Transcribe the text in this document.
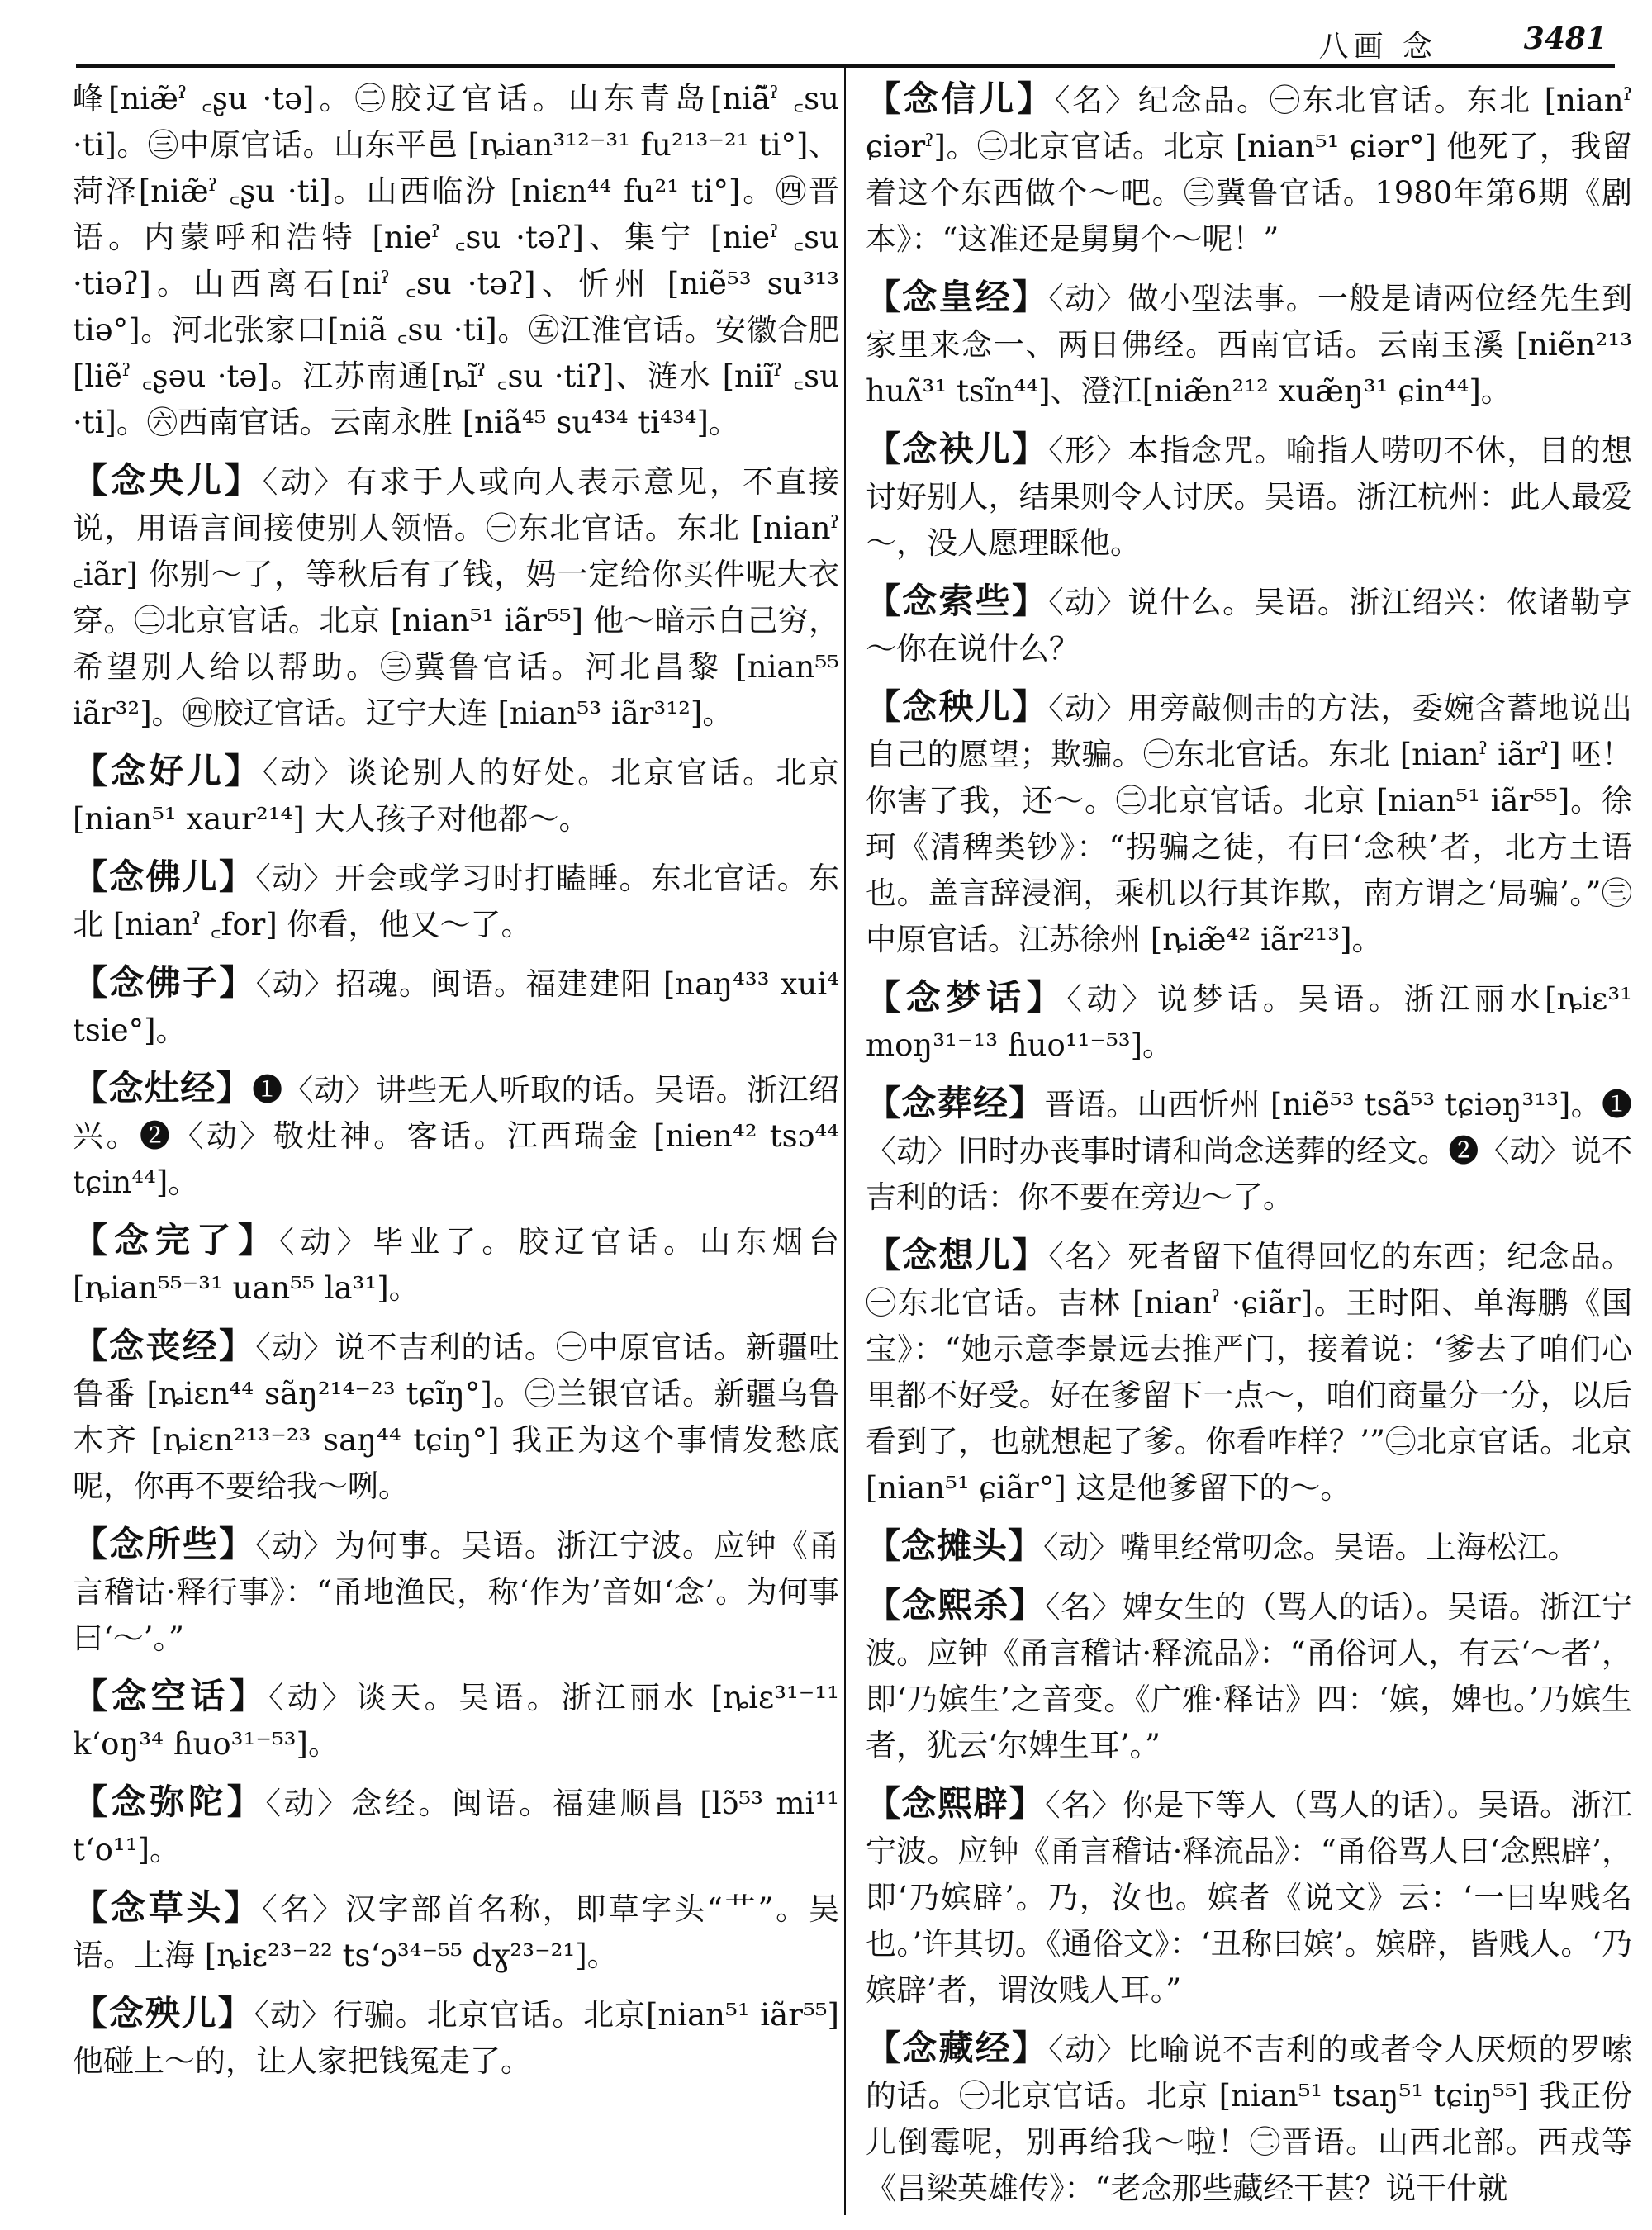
八画 念	3481

峰[niæ̃ˀ ꜀ʂu ·tə]。㊁胶辽官话。山东青岛[niã̃ˀ ꜀su ·ti]。㊂中原官话。山东平邑 [ȵian³¹²⁻³¹ fu²¹³⁻²¹ ti°]、菏泽[niæ̃ˀ ꜀ʂu ·ti]。山西临汾 [niɛn⁴⁴ fu²¹ ti°]。㊃晋语。内蒙呼和浩特 [nieˀ ꜀su ·təʔ]、集宁 [nieˀ ꜀su ·tiəʔ]。山西离石[niˀ ꜀su ·təʔ]、忻州 [niẽ⁵³ su³¹³ tiə°]。河北张家口[niã ꜀su ·ti]。㊄江淮官话。安徽合肥[liẽˀ ꜀ʂəu ·tə]。江苏南通[ȵĩˀ ꜀su ·tiʔ]、涟水 [niĩˀ ꜀su ·ti]。㊅西南官话。云南永胜 [niã⁴⁵ su⁴³⁴ ti⁴³⁴]。

【念央儿】〈动〉有求于人或向人表示意见，不直接说，用语言间接使别人领悟。㊀东北官话。东北 [nianˀ ꜀iãr] 你别～了，等秋后有了钱，妈一定给你买件呢大衣穿。㊁北京官话。北京 [nian⁵¹ iãr⁵⁵] 他～暗示自己穷，希望别人给以帮助。㊂冀鲁官话。河北昌黎 [nian⁵⁵ iãr³²]。㊃胶辽官话。辽宁大连 [nian⁵³ iãr³¹²]。

【念好儿】〈动〉谈论别人的好处。北京官话。北京 [nian⁵¹ xaur²¹⁴] 大人孩子对他都～。

【念佛儿】〈动〉开会或学习时打瞌睡。东北官话。东北 [nianˀ ꜀for] 你看，他又～了。

【念佛子】〈动〉招魂。闽语。福建建阳 [naŋ⁴³³ xui⁴ tsie°]。

【念灶经】❶〈动〉讲些无人听取的话。吴语。浙江绍兴。❷〈动〉敬灶神。客话。江西瑞金 [nien⁴² tsɔ⁴⁴ tɕin⁴⁴]。

【念完了】〈动〉毕业了。胶辽官话。山东烟台 [ȵian⁵⁵⁻³¹ uan⁵⁵ la³¹]。

【念丧经】〈动〉说不吉利的话。㊀中原官话。新疆吐鲁番 [ȵiɛn⁴⁴ sãŋ²¹⁴⁻²³ tɕĩŋ°]。㊁兰银官话。新疆乌鲁木齐 [ȵiɛn²¹³⁻²³ saŋ⁴⁴ tɕiŋ°] 我正为这个事情发愁底呢，你再不要给我～咧。

【念所些】〈动〉为何事。吴语。浙江宁波。应钟《甬言稽诂·释行事》：“甬地渔民，称‘作为’音如‘念’。为何事曰‘～’。”

【念空话】〈动〉谈天。吴语。浙江丽水 [ȵiɛ³¹⁻¹¹ k‘oŋ³⁴ ɦuo³¹⁻⁵³]。

【念弥陀】〈动〉念经。闽语。福建顺昌 [lɔ̃⁵³ mi¹¹ t‘o¹¹]。

【念草头】〈名〉汉字部首名称，即草字头“艹”。吴语。上海 [ȵiɛ²³⁻²² ts‘ɔ³⁴⁻⁵⁵ dɣ²³⁻²¹]。

【念殃儿】〈动〉行骗。北京官话。北京[nian⁵¹ iãr⁵⁵] 他碰上～的，让人家把钱冤走了。

【念信儿】〈名〉纪念品。㊀东北官话。东北 [nianˀ ɕiərˀ]。㊁北京官话。北京 [nian⁵¹ ɕiər°] 他死了，我留着这个东西做个～吧。㊂冀鲁官话。1980年第6期《剧本》：“这准还是舅舅个～呢！”

【念皇经】〈动〉做小型法事。一般是请两位经先生到家里来念一、两日佛经。西南官话。云南玉溪 [niẽn²¹³ huʌ̃³¹ tsĩn⁴⁴]、澄江[niæ̃n²¹² xuæ̃ŋ³¹ ɕin⁴⁴]。

【念袂儿】〈形〉本指念咒。喻指人唠叨不休，目的想讨好别人，结果则令人讨厌。吴语。浙江杭州：此人最爱～，没人愿理睬他。

【念索些】〈动〉说什么。吴语。浙江绍兴：侬诸勒亨～你在说什么？

【念秧儿】〈动〉用旁敲侧击的方法，委婉含蓄地说出自己的愿望；欺骗。㊀东北官话。东北 [nianˀ iãrˀ] 呸！你害了我，还～。㊁北京官话。北京 [nian⁵¹ iãr⁵⁵]。徐珂《清稗类钞》：“拐骗之徒，有曰‘念秧’者，北方土语也。盖言辞浸润，乘机以行其诈欺，南方谓之‘局骗’。”㊂中原官话。江苏徐州 [ȵiæ̃⁴² iãr²¹³]。

【念梦话】〈动〉说梦话。吴语。浙江丽水[ȵiɛ³¹ moŋ³¹⁻¹³ ɦuo¹¹⁻⁵³]。

【念葬经】晋语。山西忻州 [niẽ⁵³ tsã⁵³ tɕiəŋ³¹³]。❶〈动〉旧时办丧事时请和尚念送葬的经文。❷〈动〉说不吉利的话：你不要在旁边～了。

【念想儿】〈名〉死者留下值得回忆的东西；纪念品。㊀东北官话。吉林 [nianˀ ·ɕiãr]。王时阳、单海鹏《国宝》：“她示意李景远去推严门，接着说：‘爹去了咱们心里都不好受。好在爹留下一点～，咱们商量分一分，以后看到了，也就想起了爹。你看咋样？’”㊁北京官话。北京 [nian⁵¹ ɕiãr°] 这是他爹留下的～。

【念摊头】〈动〉嘴里经常叨念。吴语。上海松江。

【念熙杀】〈名〉婢女生的（骂人的话）。吴语。浙江宁波。应钟《甬言稽诂·释流品》：“甬俗诃人，有云‘～者’，即‘乃嫔生’之音变。《广雅·释诂》四：‘嫔，婢也。’乃嫔生者，犹云‘尔婢生耳’。”

【念熙辟】〈名〉你是下等人（骂人的话）。吴语。浙江宁波。应钟《甬言稽诂·释流品》：“甬俗骂人曰‘念熙辟’，即‘乃嫔辟’。乃，汝也。嫔者《说文》云：‘一曰卑贱名也。’许其切。《通俗文》：‘丑称曰嫔’。嫔辟，皆贱人。‘乃嫔辟’者，谓汝贱人耳。”

【念藏经】〈动〉比喻说不吉利的或者令人厌烦的罗嗦的话。㊀北京官话。北京 [nian⁵¹ tsaŋ⁵¹ tɕiŋ⁵⁵] 我正份儿倒霉呢，别再给我～啦！㊁晋语。山西北部。西戎等《吕梁英雄传》：“老念那些藏经干甚？说干什就
